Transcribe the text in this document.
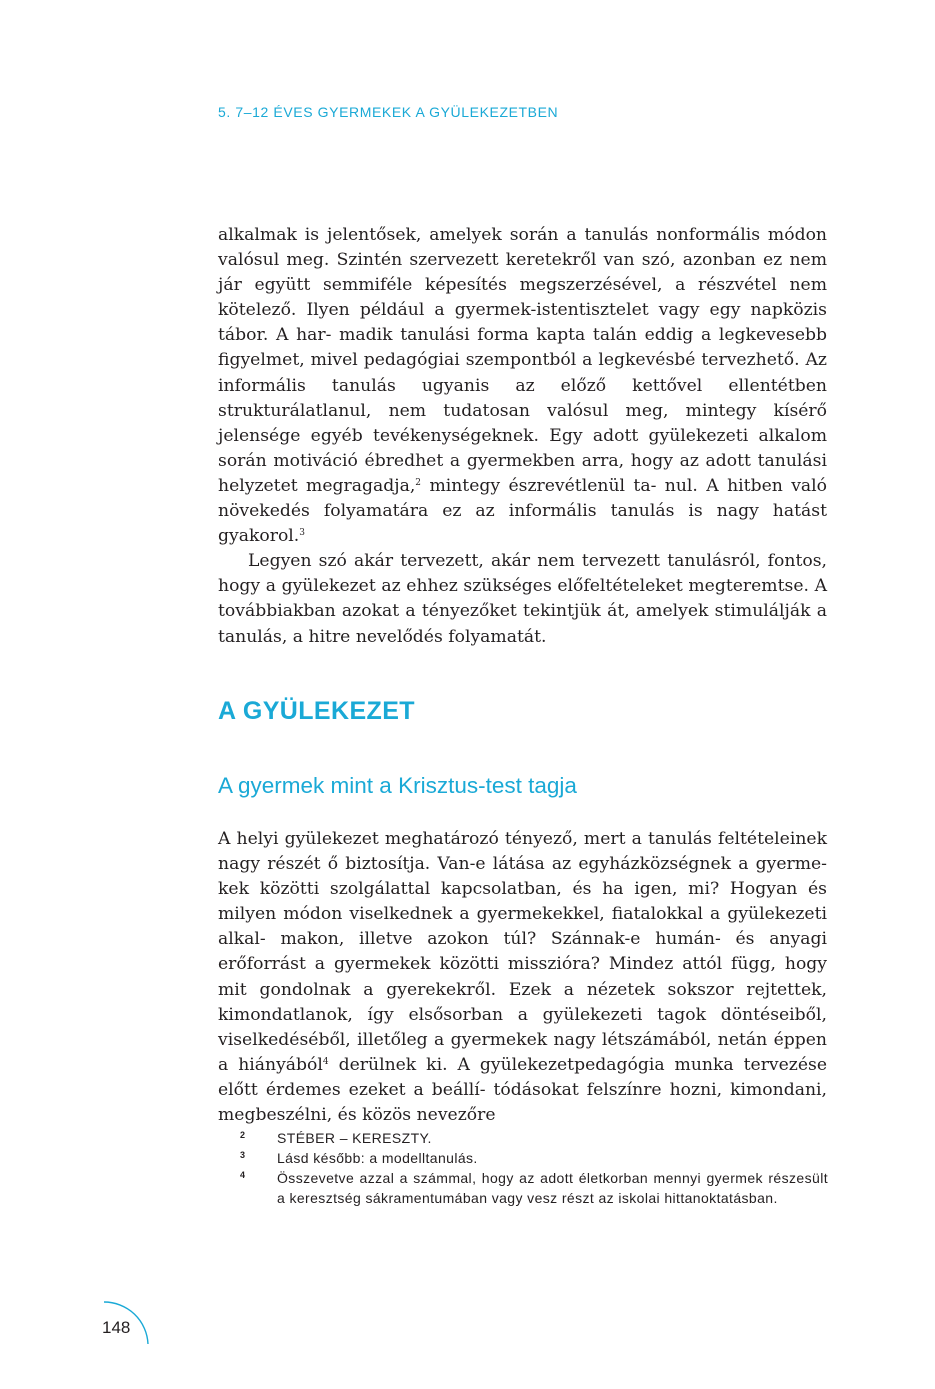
5. 7–12 ÉVES GYERMEKEK A GYÜLEKEZETBEN

alkalmak is jelentősek, amelyek során a tanulás nonformális módon valósul meg. Szintén szervezett keretekről van szó, azonban ez nem jár együtt semmiféle képesítés megszerzésével, a részvétel nem kötelező. Ilyen például a gyermek-istentisztelet vagy egy napközis tábor. A har- madik tanulási forma kapta talán eddig a legkevesebb figyelmet, mivel pedagógiai szempontból a legkevésbé tervezhető. Az informális tanulás ugyanis az előző kettővel ellentétben strukturálatlanul, nem tudatosan valósul meg, mintegy kísérő jelensége egyéb tevékenységeknek. Egy adott gyülekezeti alkalom során motiváció ébredhet a gyermekben arra, hogy az adott tanulási helyzetet megragadja,$^2$ mintegy észrevétlenül ta- nul. A hitben való növekedés folyamatára ez az informális tanulás is nagy hatást gyakorol.$^3$

Legyen szó akár tervezett, akár nem tervezett tanulásról, fontos, hogy a gyülekezet az ehhez szükséges előfeltételeket megteremtse. A továbbiakban azokat a tényezőket tekintjük át, amelyek stimulálják a tanulás, a hitre nevelődés folyamatát.

A GYÜLEKEZET
A gyermek mint a Krisztus-test tagja

A helyi gyülekezet meghatározó tényező, mert a tanulás feltételeinek nagy részét ő biztosítja. Van-e látása az egyházközségnek a gyerme- kek közötti szolgálattal kapcsolatban, és ha igen, mi? Hogyan és milyen módon viselkednek a gyermekekkel, fiatalokkal a gyülekezeti alkal- makon, illetve azokon túl? Szánnak-e humán- és anyagi erőforrást a gyermekek közötti misszióra? Mindez attól függ, hogy mit gondolnak a gyerekekről. Ezek a nézetek sokszor rejtettek, kimondatlanok, így elsősorban a gyülekezeti tagok döntéseiből, viselkedéséből, illetőleg a gyermekek nagy létszámából, netán éppen a hiányából$^4$ derülnek ki. A gyülekezetpedagógia munka tervezése előtt érdemes ezeket a beállí- tódásokat felszínre hozni, kimondani, megbeszélni, és közös nevezőre

2	STÉBER – KERESZTY.
3	Lásd később: a modelltanulás.
4	Összevetve azzal a számmal, hogy az adott életkorban mennyi gyermek részesült a keresztség sákramentumában vagy vesz részt az iskolai hittanoktatásban.
148
